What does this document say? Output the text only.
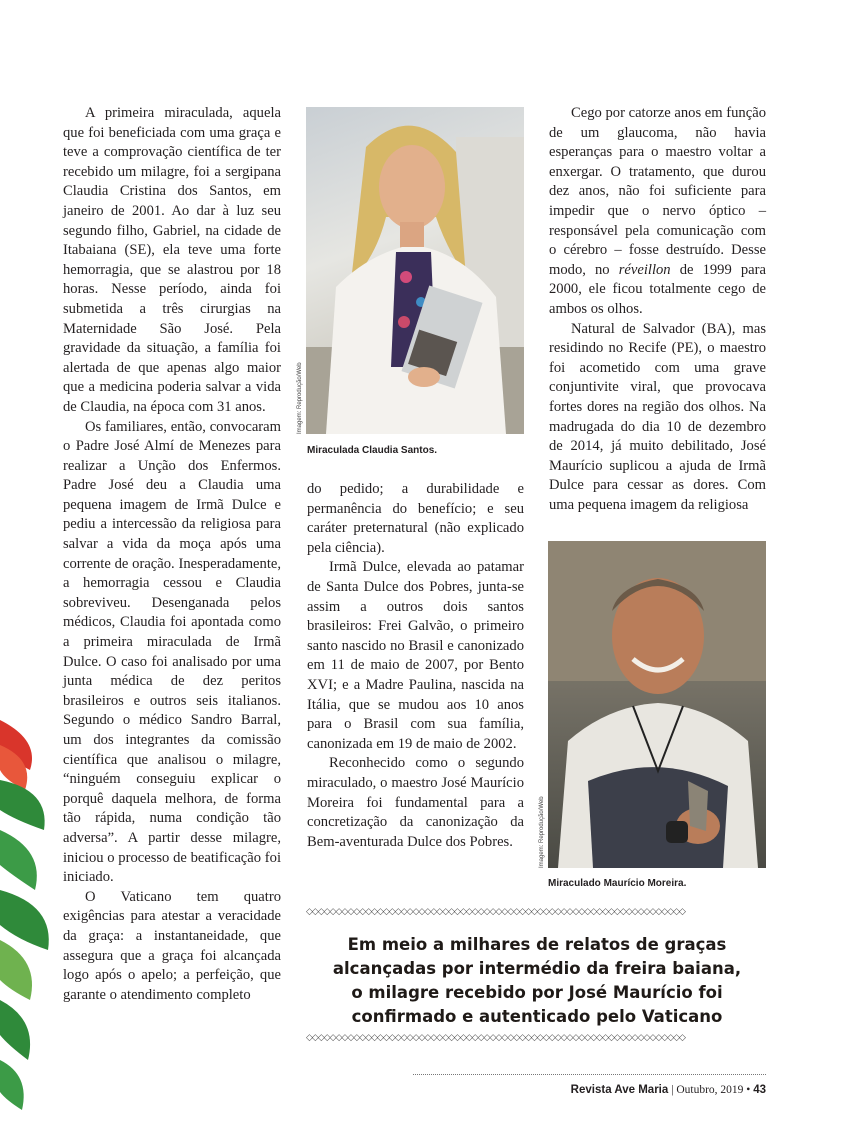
A primeira miraculada, aquela que foi beneficiada com uma graça e teve a comprovação científica de ter recebido um milagre, foi a sergipana Claudia Cristina dos Santos, em janeiro de 2001. Ao dar à luz seu segundo filho, Gabriel, na cidade de Itabaiana (SE), ela teve uma forte hemorragia, que se alastrou por 18 horas. Nesse período, ainda foi submetida a três cirurgias na Maternidade São José. Pela gravidade da situação, a família foi alertada de que apenas algo maior que a medicina poderia salvar a vida de Claudia, na época com 31 anos.

Os familiares, então, convocaram o Padre José Almí de Menezes para realizar a Unção dos Enfermos. Padre José deu a Claudia uma pequena imagem de Irmã Dulce e pediu a intercessão da religiosa para salvar a vida da moça após uma corrente de oração. Inesperadamente, a hemorragia cessou e Claudia sobreviveu. Desenganada pelos médicos, Claudia foi apontada como a primeira miraculada de Irmã Dulce. O caso foi analisado por uma junta médica de dez peritos brasileiros e outros seis italianos. Segundo o médico Sandro Barral, um dos integrantes da comissão científica que analisou o milagre, “ninguém conseguiu explicar o porquê daquela melhora, de forma tão rápida, numa condição tão adversa”. A partir desse milagre, iniciou o processo de beatificação foi iniciado.

O Vaticano tem quatro exigências para atestar a veracidade da graça: a instantaneidade, que assegura que a graça foi alcançada logo após o apelo; a perfeição, que garante o atendimento completo

Imagem: Reprodução/Web
Miraculada Claudia Santos.

do pedido; a durabilidade e permanência do benefício; e seu caráter preternatural (não explicado pela ciência).

Irmã Dulce, elevada ao patamar de Santa Dulce dos Pobres, junta-se assim a outros dois santos brasileiros: Frei Galvão, o primeiro santo nascido no Brasil e canonizado em 11 de maio de 2007, por Bento XVI; e a Madre Paulina, nascida na Itália, que se mudou aos 10 anos para o Brasil com sua família, canonizada em 19 de maio de 2002.

Reconhecido como o segundo miraculado, o maestro José Maurício Moreira foi fundamental para a concretização da canonização da Bem-aventurada Dulce dos Pobres.

Cego por catorze anos em função de um glaucoma, não havia esperanças para o maestro voltar a enxergar. O tratamento, que durou dez anos, não foi suficiente para impedir que o nervo óptico – responsável pela comunicação com o cérebro – fosse destruído. Desse modo, no réveillon de 1999 para 2000, ele ficou totalmente cego de ambos os olhos.

Natural de Salvador (BA), mas residindo no Recife (PE), o maestro foi acometido com uma grave conjuntivite viral, que provocava fortes dores na região dos olhos. Na madrugada do dia 10 de dezembro de 2014, já muito debilitado, José Maurício suplicou a ajuda de Irmã Dulce para cessar as dores. Com uma pequena imagem da religiosa

Imagem: Reprodução/Web
Miraculado Maurício Moreira.
◇◇◇◇◇◇◇◇◇◇◇◇◇◇◇◇◇◇◇◇◇◇◇◇◇◇◇◇◇◇◇◇◇◇◇◇◇◇◇◇◇◇◇◇◇◇◇◇◇◇◇◇◇◇◇◇◇◇◇◇◇◇◇◇
Em meio a milhares de relatos de graças
alcançadas por intermédio da freira baiana,
o milagre recebido por José Maurício foi
confirmado e autenticado pelo Vaticano
◇◇◇◇◇◇◇◇◇◇◇◇◇◇◇◇◇◇◇◇◇◇◇◇◇◇◇◇◇◇◇◇◇◇◇◇◇◇◇◇◇◇◇◇◇◇◇◇◇◇◇◇◇◇◇◇◇◇◇◇◇◇◇◇
Revista Ave Maria | Outubro, 2019 • 43
